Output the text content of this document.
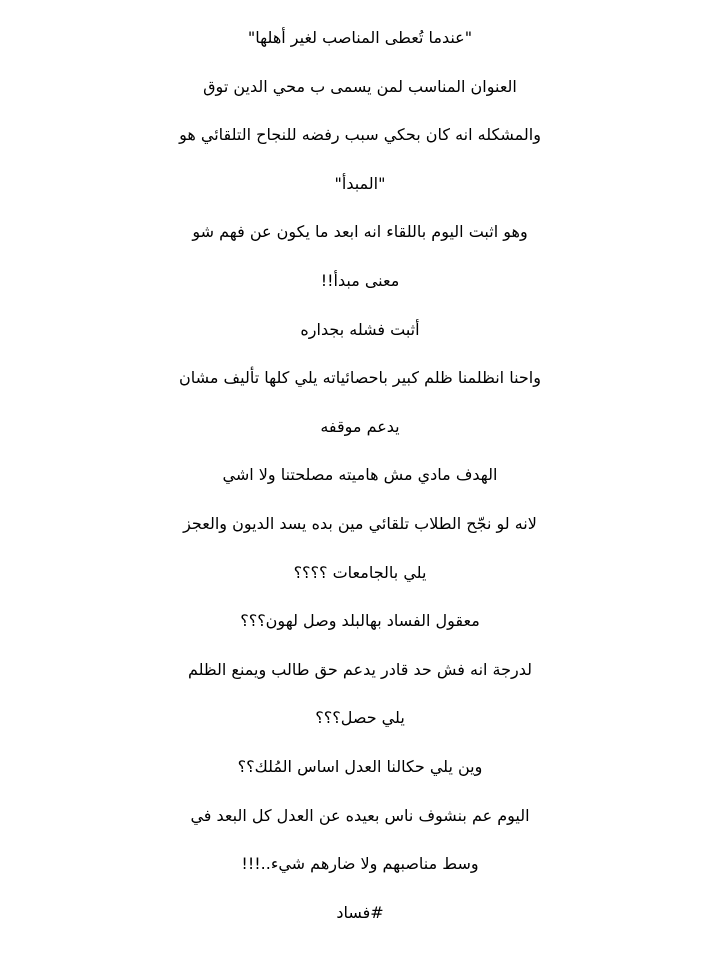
"عندما تُعطى المناصب لغير أهلها"
العنوان المناسب لمن يسمى ب محي الدين توق
والمشكله انه كان بحكي سبب رفضه للنجاح التلقائي هو
"المبدأ"
وهو اثبت اليوم باللقاء انه ابعد ما يكون عن فهم شو
معنى مبدأ!!
أثبت فشله بجداره
واحنا انظلمنا ظلم كبير باحصائياته يلي كلها تأليف مشان
يدعم موقفه
الهدف مادي مش هاميته مصلحتنا ولا اشي
لانه لو نجّح الطلاب تلقائي مين بده يسد الديون والعجز
يلي بالجامعات ؟؟؟؟
معقول الفساد بهالبلد وصل لهون؟؟؟
لدرجة انه فش حد قادر يدعم حق طالب ويمنع الظلم
يلي حصل؟؟؟
وين يلي حكالنا العدل اساس المُلك؟؟
اليوم عم بنشوف ناس بعيده عن العدل كل البعد في
وسط مناصبهم ولا ضارهم شيء..!!!
#فساد
